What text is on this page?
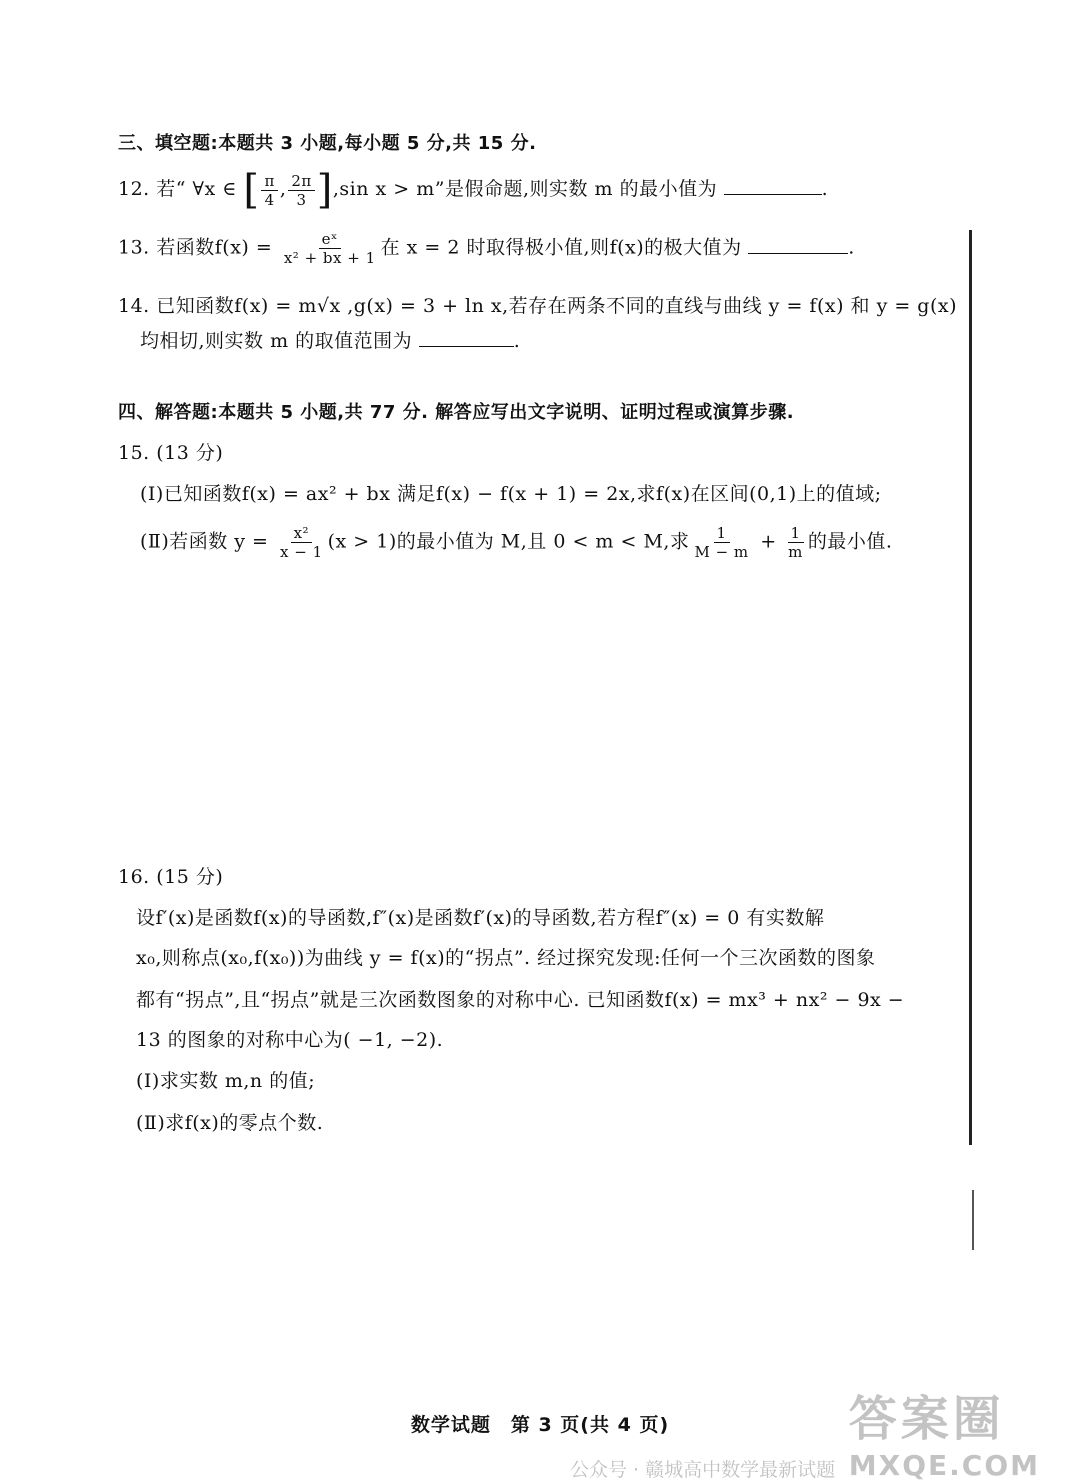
三、填空题:本题共 3 小题,每小题 5 分,共 15 分.
12. 若“ ∀x ∈ [ $\frac{\pi}{4}$ , $\frac{2\pi}{3} ],\sin$ x > m”是假命题,则实数 m 的最小值为	.
13. 若函数$f(x) = \frac{\text{eˣ}}{\text{x² + bx + 1}}$ 在 x = 2 时取得极小值,则f(x)的极大值为	.
14. 已知函数f(x) = m√x ,g(x) = 3 + ln x,若存在两条不同的直线与曲线 y = f(x) 和 y = g(x)
均相切,则实数 m 的取值范围为	.
四、解答题:本题共 5 小题,共 77 分. 解答应写出文字说明、证明过程或演算步骤.
15. (13 分)
(Ⅰ)已知函数f(x) = ax² + bx 满足f(x) − f(x + 1) = 2x,求f(x)在区间(0,1)上的值域;
(Ⅱ)若函数 $y = \frac{\text{x²}}{x - 1} (x > 1)$的最小值为 M,且 0 < m < M,求 $\frac{1}{M - m} + \frac{1}{m}$ 的最小值.
16. (15 分)
设f′(x)是函数f(x)的导函数,f″(x)是函数f′(x)的导函数,若方程f″(x) = 0 有实数解
x₀,则称点(x₀,f(x₀))为曲线 y = f(x)的“拐点”. 经过探究发现:任何一个三次函数的图象
都有“拐点”,且“拐点”就是三次函数图象的对称中心. 已知函数f(x) = mx³ + nx² − 9x −
13 的图象的对称中心为( −1, −2).
(Ⅰ)求实数 m,n 的值;
(Ⅱ)求f(x)的零点个数.
数学试题　第 3 页(共 4 页)	答案圈
MXQE.COM
公众号 · 赣城高中数学最新试题
